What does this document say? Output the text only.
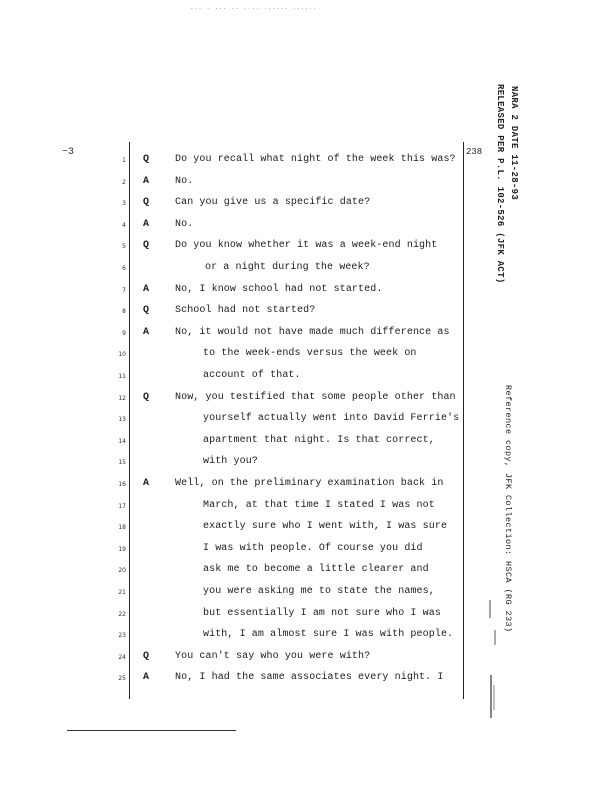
... . ... .. .... ...... ......
~3	238
1 Q	Do you recall what night of the week this was?
2 A	No.
3 Q	Can you give us a specific date?
4 A	No.
5 Q	Do you know whether it was a week-end night
6	or a night during the week?
7 A	No, I know school had not started.
8 Q	School had not started?
9 A	No, it would not have made much difference as
10	to the week-ends versus the week on
11	account of that.
12 Q	Now, you testified that some people other than
13	yourself actually went into David Ferrie's
14	apartment that night. Is that correct,
15	with you?
16 A	Well, on the preliminary examination back in
17	March, at that time I stated I was not
18	exactly sure who I went with, I was sure
19	I was with people. Of course you did
20	ask me to become a little clearer and
21	you were asking me to state the names,
22	but essentially I am not sure who I was
23	with, I am almost sure I was with people.
24 Q	You can't say who you were with?
25 A	No, I had the same associates every night. I
RELEASED PER P.L. 102-526 (JFK ACT) NARA 2 DATE 11-28-93
Reference copy, JFK Collection: HSCA (RG 233)
